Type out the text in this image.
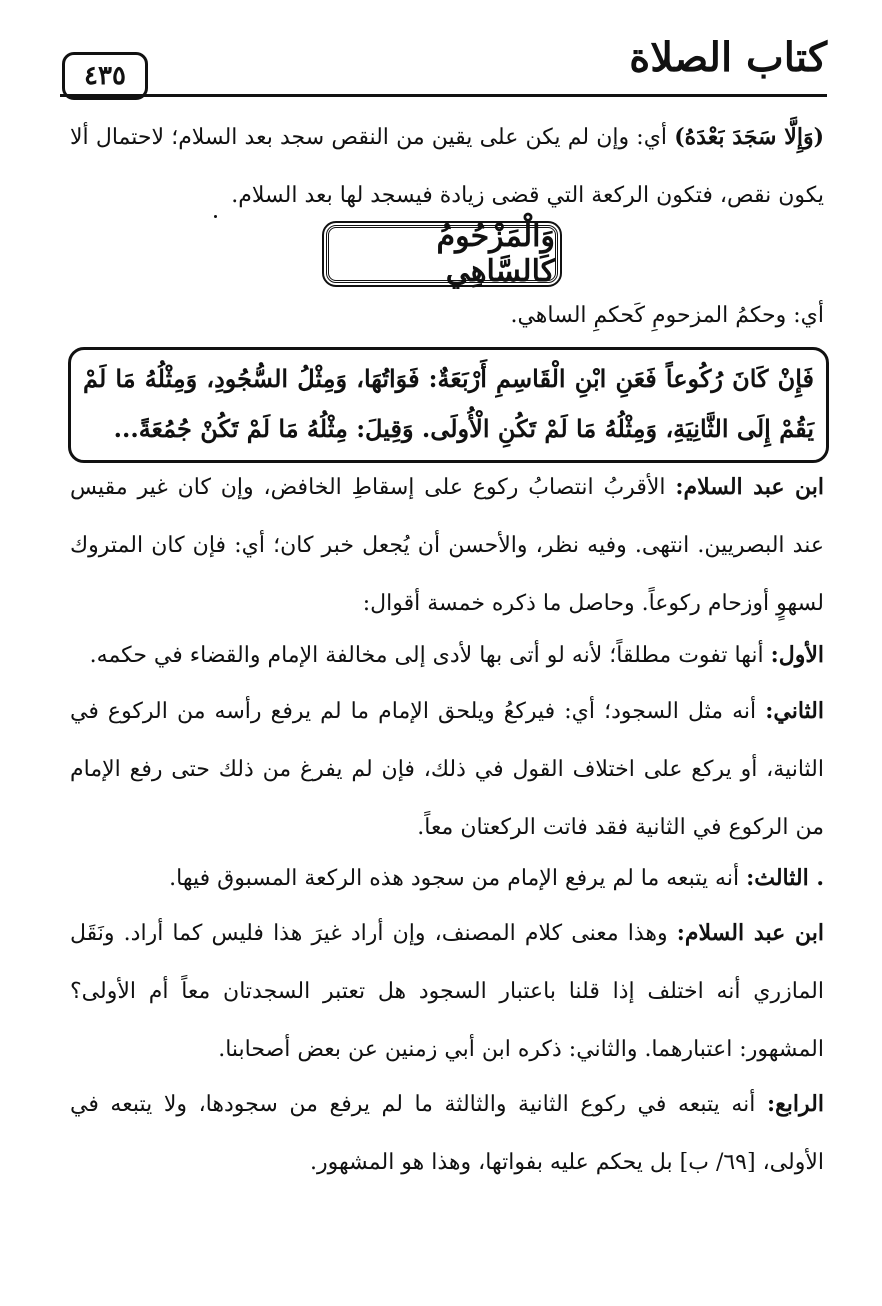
كتاب الصلاة
٤٣٥

(وَإِلَّا سَجَدَ بَعْدَهُ) أي: وإن لم يكن على يقين من النقص سجد بعد السلام؛ لاحتمال ألا يكون نقص، فتكون الركعة التي قضى زيادة فيسجد لها بعد السلام.

وَالْمَزْحُومُ كَالسَّاهِي

أي: وحكمُ المزحومِ كَحكمِ الساهي.

فَإِنْ كَانَ رُكُوعاً فَعَنِ ابْنِ الْقَاسِمِ أَرْبَعَةٌ: فَوَاتُهَا، وَمِثْلُ السُّجُودِ، وَمِثْلُهُ مَا لَمْ يَقُمْ إِلَى الثَّانِيَةِ، وَمِثْلُهُ مَا لَمْ تَكُنِ الْأُولَى. وَقِيلَ: مِثْلُهُ مَا لَمْ تَكُنْ جُمُعَةً...

ابن عبد السلام: الأقربُ انتصابُ ركوع على إسقاطِ الخافض، وإن كان غير مقيس عند البصريين. انتهى. وفيه نظر، والأحسن أن يُجعل خبر كان؛ أي: فإن كان المتروك لسهوٍ أوزحام ركوعاً. وحاصل ما ذكره خمسة أقوال:

الأول: أنها تفوت مطلقاً؛ لأنه لو أتى بها لأدى إلى مخالفة الإمام والقضاء في حكمه.

الثاني: أنه مثل السجود؛ أي: فيركعُ ويلحق الإمام ما لم يرفع رأسه من الركوع في الثانية، أو يركع على اختلاف القول في ذلك، فإن لم يفرغ من ذلك حتى رفع الإمام من الركوع في الثانية فقد فاتت الركعتان معاً.

. الثالث: أنه يتبعه ما لم يرفع الإمام من سجود هذه الركعة المسبوق فيها.

ابن عبد السلام: وهذا معنى كلام المصنف، وإن أراد غيرَ هذا فليس كما أراد. ونَقَل المازري أنه اختلف إذا قلنا باعتبار السجود هل تعتبر السجدتان معاً أم الأولى؟ المشهور: اعتبارهما. والثاني: ذكره ابن أبي زمنين عن بعض أصحابنا.

الرابع: أنه يتبعه في ركوع الثانية والثالثة ما لم يرفع من سجودها، ولا يتبعه في الأولى، [٦٩/ ب] بل يحكم عليه بفواتها، وهذا هو المشهور.
